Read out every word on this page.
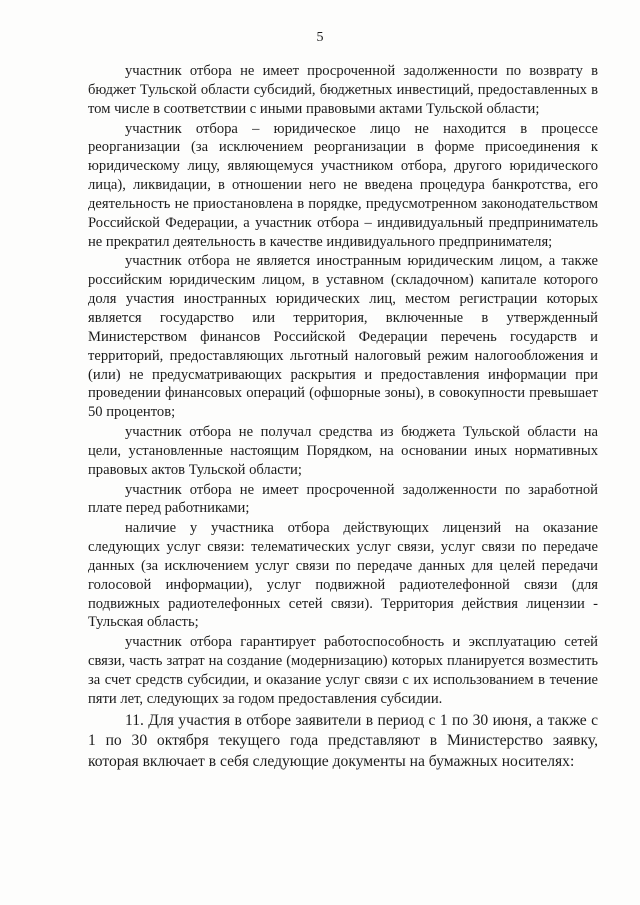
5

участник отбора не имеет просроченной задолженности по возврату в бюджет Тульской области субсидий, бюджетных инвестиций, предоставленных в том числе в соответствии с иными правовыми актами Тульской области;

участник отбора – юридическое лицо не находится в процессе реорганизации (за исключением реорганизации в форме присоединения к юридическому лицу, являющемуся участником отбора, другого юридического лица), ликвидации, в отношении него не введена процедура банкротства, его деятельность не приостановлена в порядке, предусмотренном законодательством Российской Федерации, а участник отбора – индивидуальный предприниматель не прекратил деятельность в качестве индивидуального предпринимателя;

участник отбора не является иностранным юридическим лицом, а также российским юридическим лицом, в уставном (складочном) капитале которого доля участия иностранных юридических лиц, местом регистрации которых является государство или территория, включенные в утвержденный Министерством финансов Российской Федерации перечень государств и территорий, предоставляющих льготный налоговый режим налогообложения и (или) не предусматривающих раскрытия и предоставления информации при проведении финансовых операций (офшорные зоны), в совокупности превышает 50 процентов;

участник отбора не получал средства из бюджета Тульской области на цели, установленные настоящим Порядком, на основании иных нормативных правовых актов Тульской области;

участник отбора не имеет просроченной задолженности по заработной плате перед работниками;

наличие у участника отбора действующих лицензий на оказание следующих услуг связи: телематических услуг связи, услуг связи по передаче данных (за исключением услуг связи по передаче данных для целей передачи голосовой информации), услуг подвижной радиотелефонной связи (для подвижных радиотелефонных сетей связи). Территория действия лицензии - Тульская область;

участник отбора гарантирует работоспособность и эксплуатацию сетей связи, часть затрат на создание (модернизацию) которых планируется возместить за счет средств субсидии, и оказание услуг связи с их использованием в течение пяти лет, следующих за годом предоставления субсидии.

11. Для участия в отборе заявители в период с 1 по 30 июня, а также с 1 по 30 октября текущего года представляют в Министерство заявку, которая включает в себя следующие документы на бумажных носителях:
